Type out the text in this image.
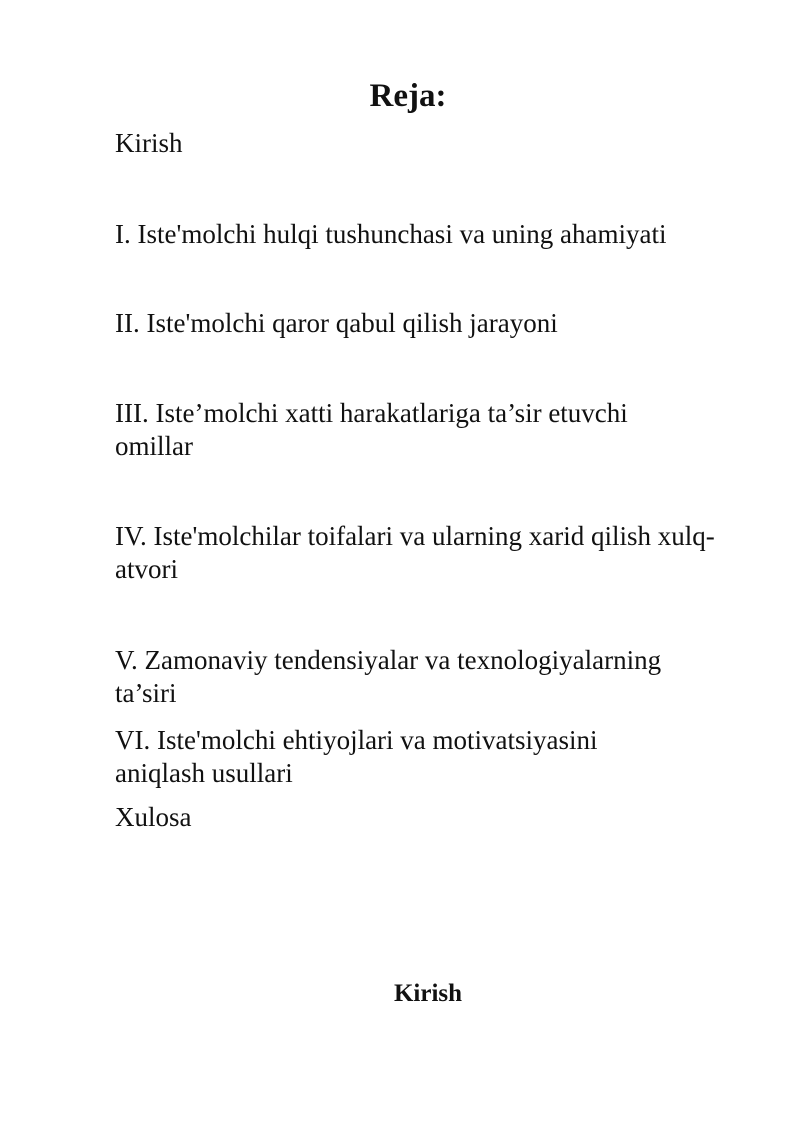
Reja:
Kirish
I. Iste'molchi hulqi tushunchasi va uning ahamiyati
II. Iste'molchi qaror qabul qilish jarayoni
III. Iste’molchi xatti harakatlariga ta’sir etuvchi omillar
IV. Iste'molchilar toifalari va ularning xarid qilish xulq-atvori
V. Zamonaviy tendensiyalar va texnologiyalarning ta’siri
VI. Iste'molchi ehtiyojlari va motivatsiyasini aniqlash usullari
Xulosa
Kirish
